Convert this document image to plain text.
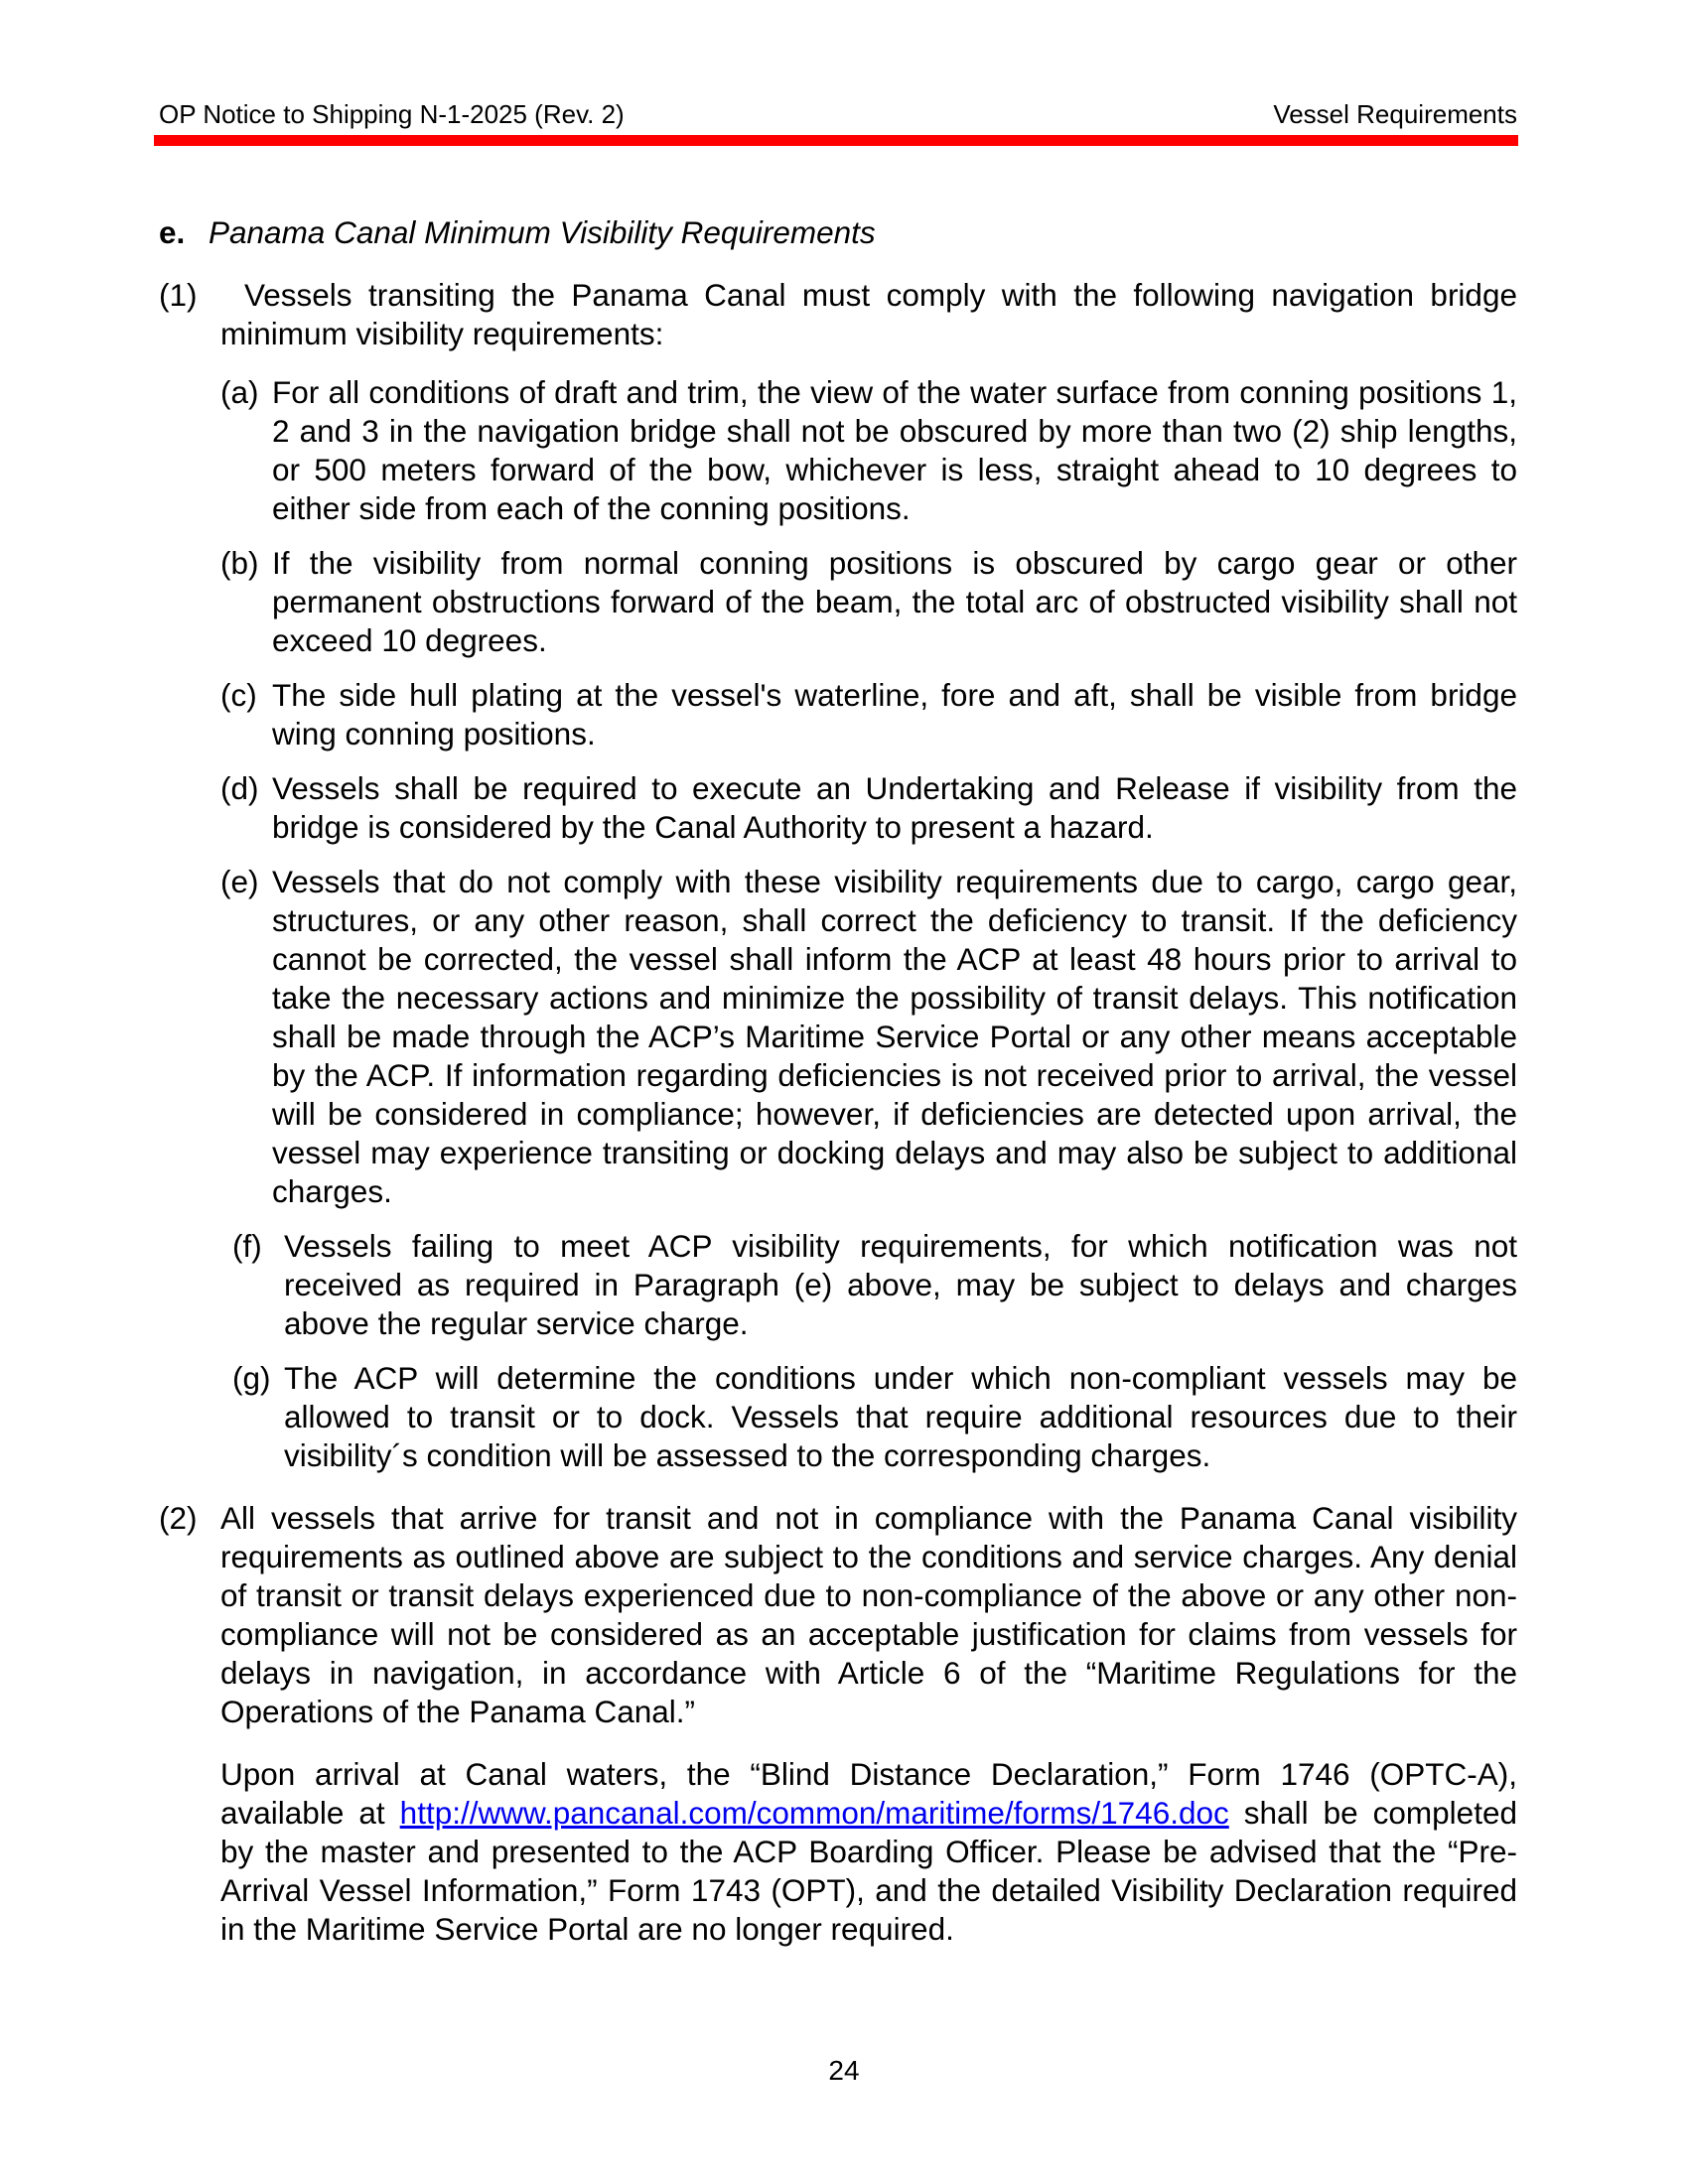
OP Notice to Shipping N-1-2025 (Rev. 2)	Vessel Requirements
e. Panama Canal Minimum Visibility Requirements
(1)	Vessels transiting the Panama Canal must comply with the following navigation bridge minimum visibility requirements:
(a) For all conditions of draft and trim, the view of the water surface from conning positions 1, 2 and 3 in the navigation bridge shall not be obscured by more than two (2) ship lengths, or 500 meters forward of the bow, whichever is less, straight ahead to 10 degrees to either side from each of the conning positions.
(b) If the visibility from normal conning positions is obscured by cargo gear or other permanent obstructions forward of the beam, the total arc of obstructed visibility shall not exceed 10 degrees.
(c) The side hull plating at the vessel's waterline, fore and aft, shall be visible from bridge wing conning positions.
(d) Vessels shall be required to execute an Undertaking and Release if visibility from the bridge is considered by the Canal Authority to present a hazard.
(e) Vessels that do not comply with these visibility requirements due to cargo, cargo gear, structures, or any other reason, shall correct the deficiency to transit. If the deficiency cannot be corrected, the vessel shall inform the ACP at least 48 hours prior to arrival to take the necessary actions and minimize the possibility of transit delays. This notification shall be made through the ACP’s Maritime Service Portal or any other means acceptable by the ACP. If information regarding deficiencies is not received prior to arrival, the vessel will be considered in compliance; however, if deficiencies are detected upon arrival, the vessel may experience transiting or docking delays and may also be subject to additional charges.
(f) Vessels failing to meet ACP visibility requirements, for which notification was not received as required in Paragraph (e) above, may be subject to delays and charges above the regular service charge.
(g) The ACP will determine the conditions under which non-compliant vessels may be allowed to transit or to dock. Vessels that require additional resources due to their visibility´s condition will be assessed to the corresponding charges.
(2) All vessels that arrive for transit and not in compliance with the Panama Canal visibility requirements as outlined above are subject to the conditions and service charges. Any denial of transit or transit delays experienced due to non-compliance of the above or any other non-compliance will not be considered as an acceptable justification for claims from vessels for delays in navigation, in accordance with Article 6 of the “Maritime Regulations for the Operations of the Panama Canal.”
Upon arrival at Canal waters, the “Blind Distance Declaration,” Form 1746 (OPTC-A), available at http://www.pancanal.com/common/maritime/forms/1746.doc shall be completed by the master and presented to the ACP Boarding Officer. Please be advised that the “Pre-Arrival Vessel Information,” Form 1743 (OPT), and the detailed Visibility Declaration required in the Maritime Service Portal are no longer required.
24
